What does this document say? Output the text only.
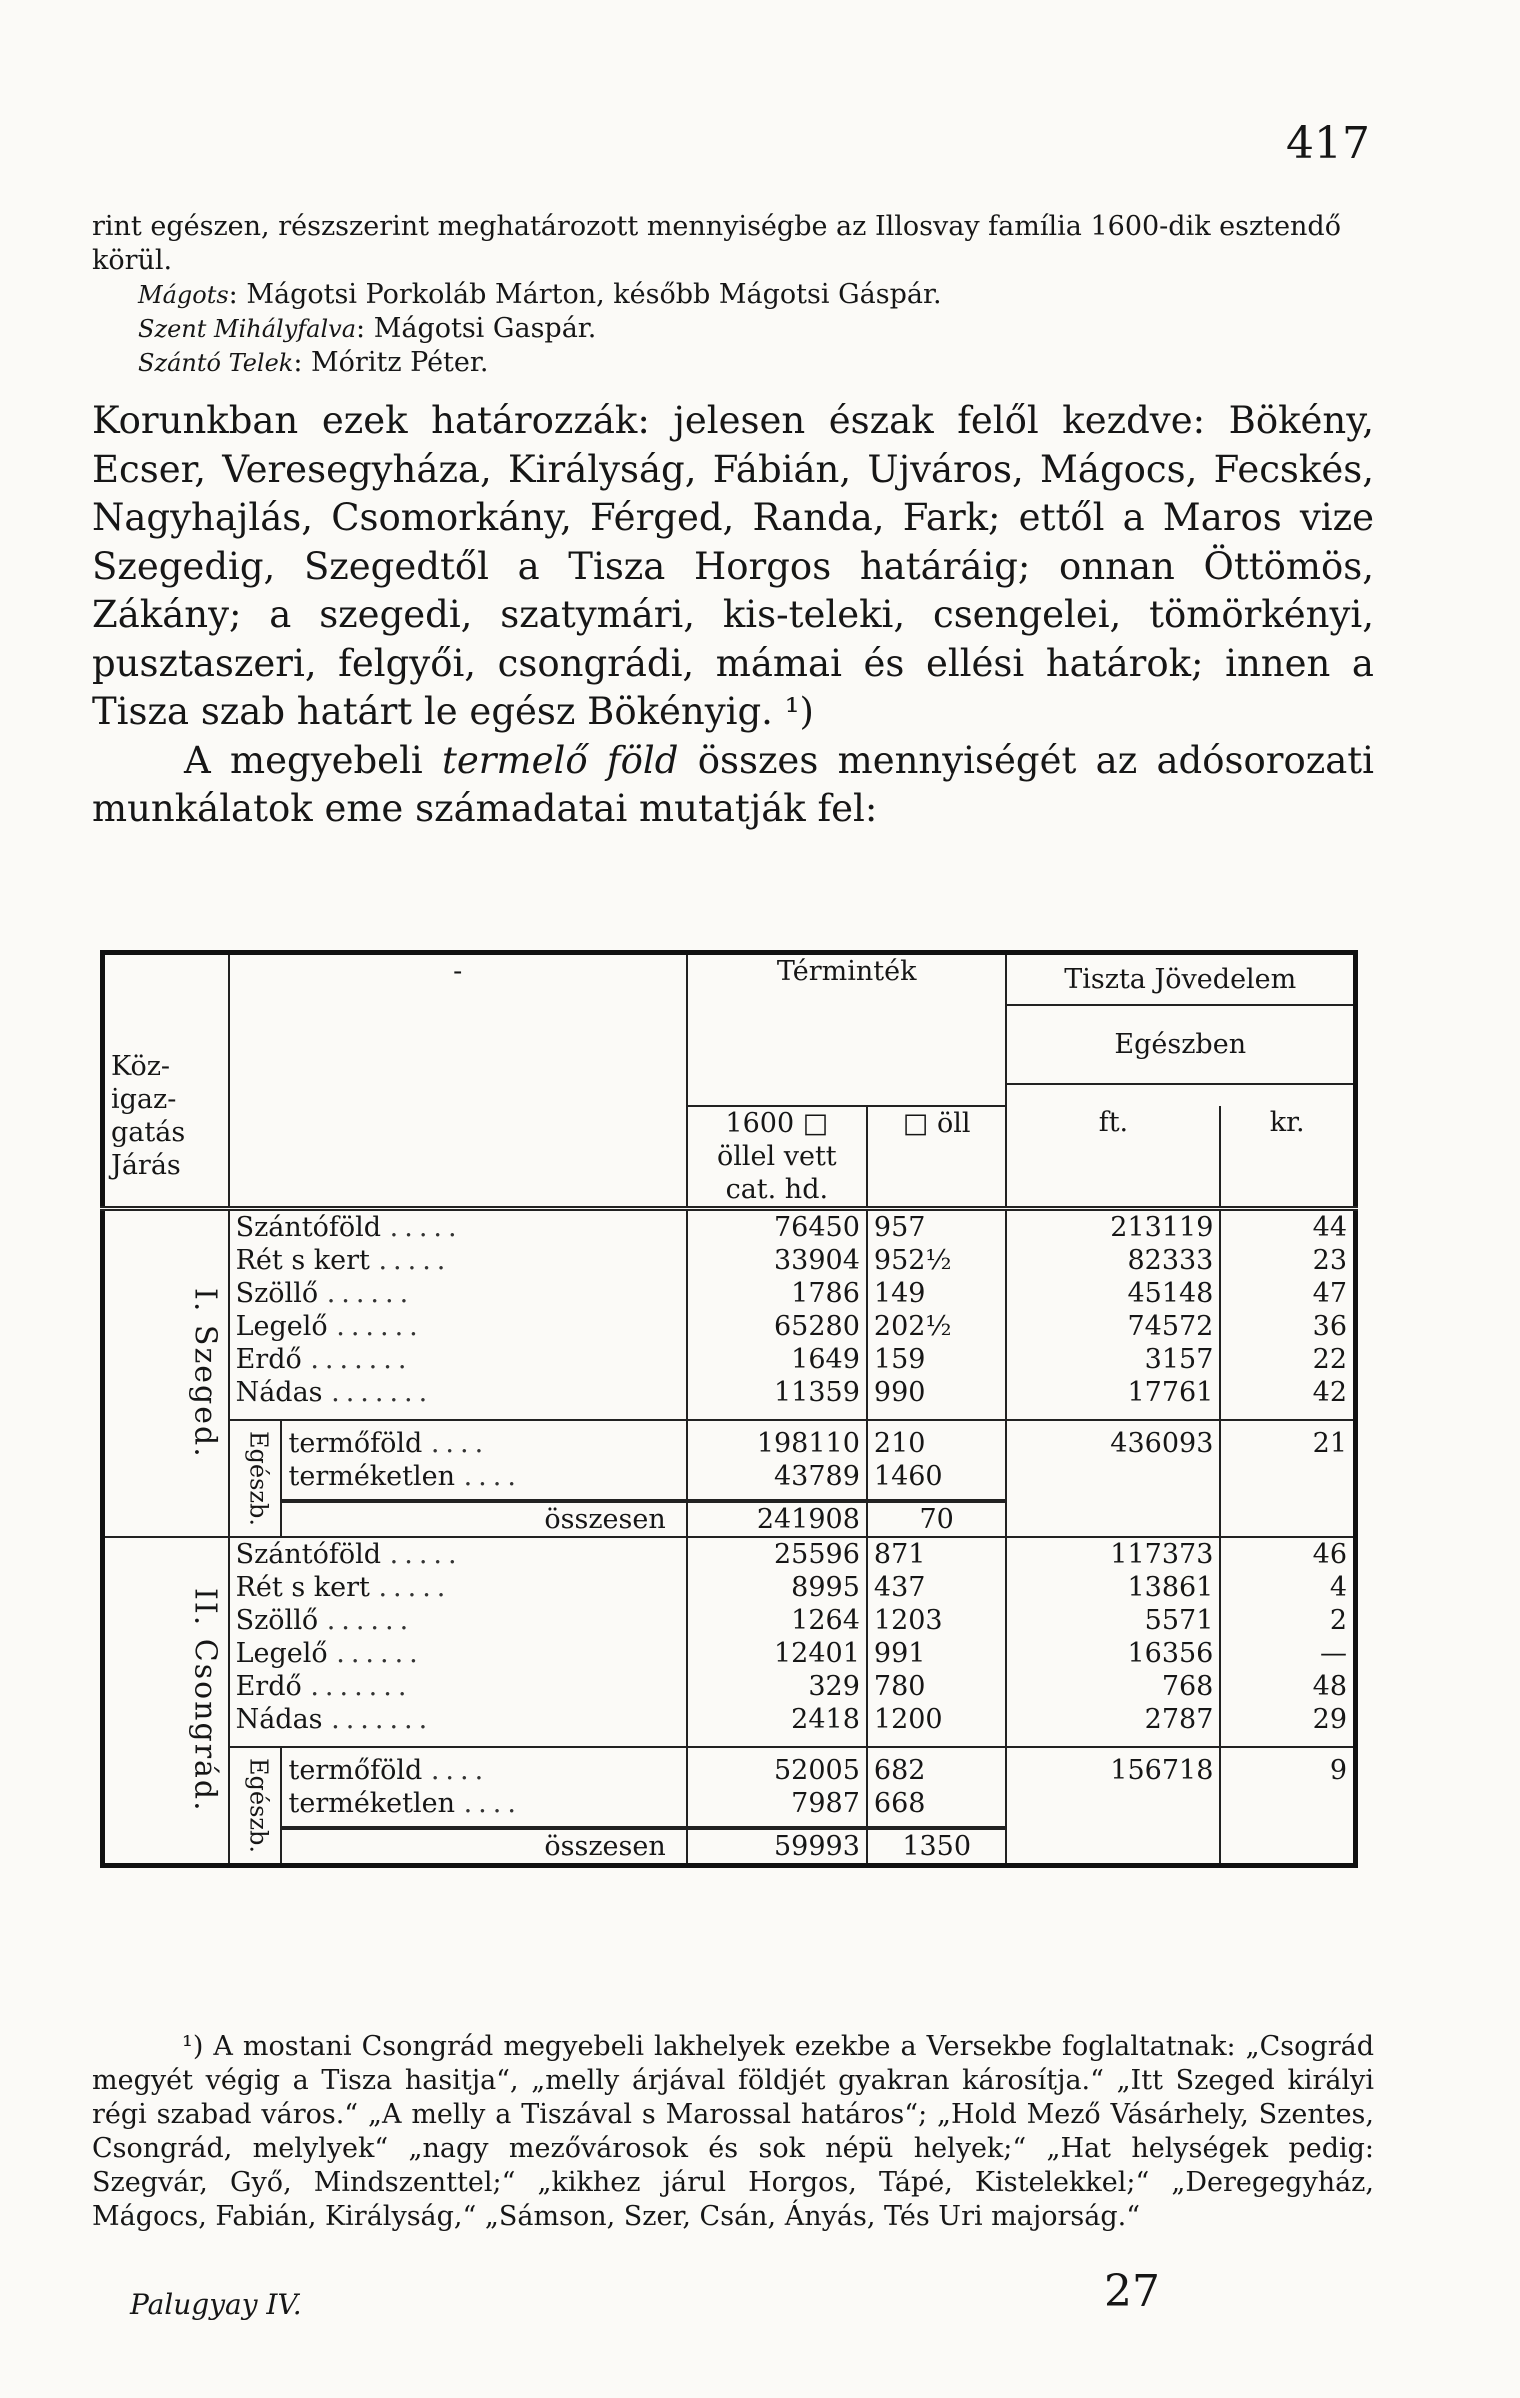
417

rint egészen, részszerint meghatározott mennyiségbe az Illosvay família 1600-dik esztendő körül.

Mágots: Mágotsi Porkoláb Márton, később Mágotsi Gáspár.

Szent Mihályfalva: Mágotsi Gaspár.

Szántó Telek: Móritz Péter.

Korunkban ezek határozzák: jelesen észak felől kezdve: Bökény, Ecser, Veresegyháza, Királyság, Fábián, Ujváros, Mágocs, Fecskés, Nagyhajlás, Csomorkány, Férged, Randa, Fark; ettől a Maros vize Szegedig, Szegedtől a Tisza Horgos határáig; onnan Öttömös, Zákány; a szegedi, szatymári, kis-teleki, csengelei, tömörkényi, pusztaszeri, felgyői, csongrádi, mámai és ellési határok; innen a Tisza szab határt le egész Bökényig. ¹)

A megyebeli termelő föld összes mennyiségét az adósorozati munkálatok eme számadatai mutatják fel:

Köz-igaz-gatás Járás	-		Términték		Tiszta Jövedelem
Egészben	

			1600 □ öllel vett cat. hd.	□ öll	ft.	kr.
I. Szeged.	Szántóföld .....		76450	957	213119	44
	Rét s kert .....		33904	952½	82333	23
	Szöllő ......		1786	149	45148	47
	Legelő ......		65280	202½	74572	36
	Erdő .......		1649	159	3157	22
	Nádas .......		11359	990	17761	42
	Egészb.	termőföld ....	198110	210	436093	21
		terméketlen ....	43789	1460		
		összesen	241908	70		
II. Csongrád.	Szántóföld .....		25596	871	117373	46
	Rét s kert .....		8995	437	13861	4
	Szöllő ......		1264	1203	5571	2
	Legelő ......		12401	991	16356	—
	Erdő .......		329	780	768	48
	Nádas .......		2418	1200	2787	29
	Egészb.	termőföld ....	52005	682	156718	9
		terméketlen ....	7987	668		
		összesen	59993	1350		

¹) A mostani Csongrád megyebeli lakhelyek ezekbe a Versekbe foglaltatnak: „Csográd megyét végig a Tisza hasitja“, „melly árjával földjét gyakran károsítja.“ „Itt Szeged királyi régi szabad város.“ „A melly a Tiszával s Marossal határos“; „Hold Mező Vásárhely, Szentes, Csongrád, melylyek“ „nagy mezővárosok és sok népü helyek;“ „Hat helységek pedig: Szegvár, Győ, Mindszenttel;“ „kikhez járul Horgos, Tápé, Kistelekkel;“ „Deregegyház, Mágocs, Fabián, Királyság,“ „Sámson, Szer, Csán, Ányás, Tés Uri majorság.“

Palugyay IV.	27
